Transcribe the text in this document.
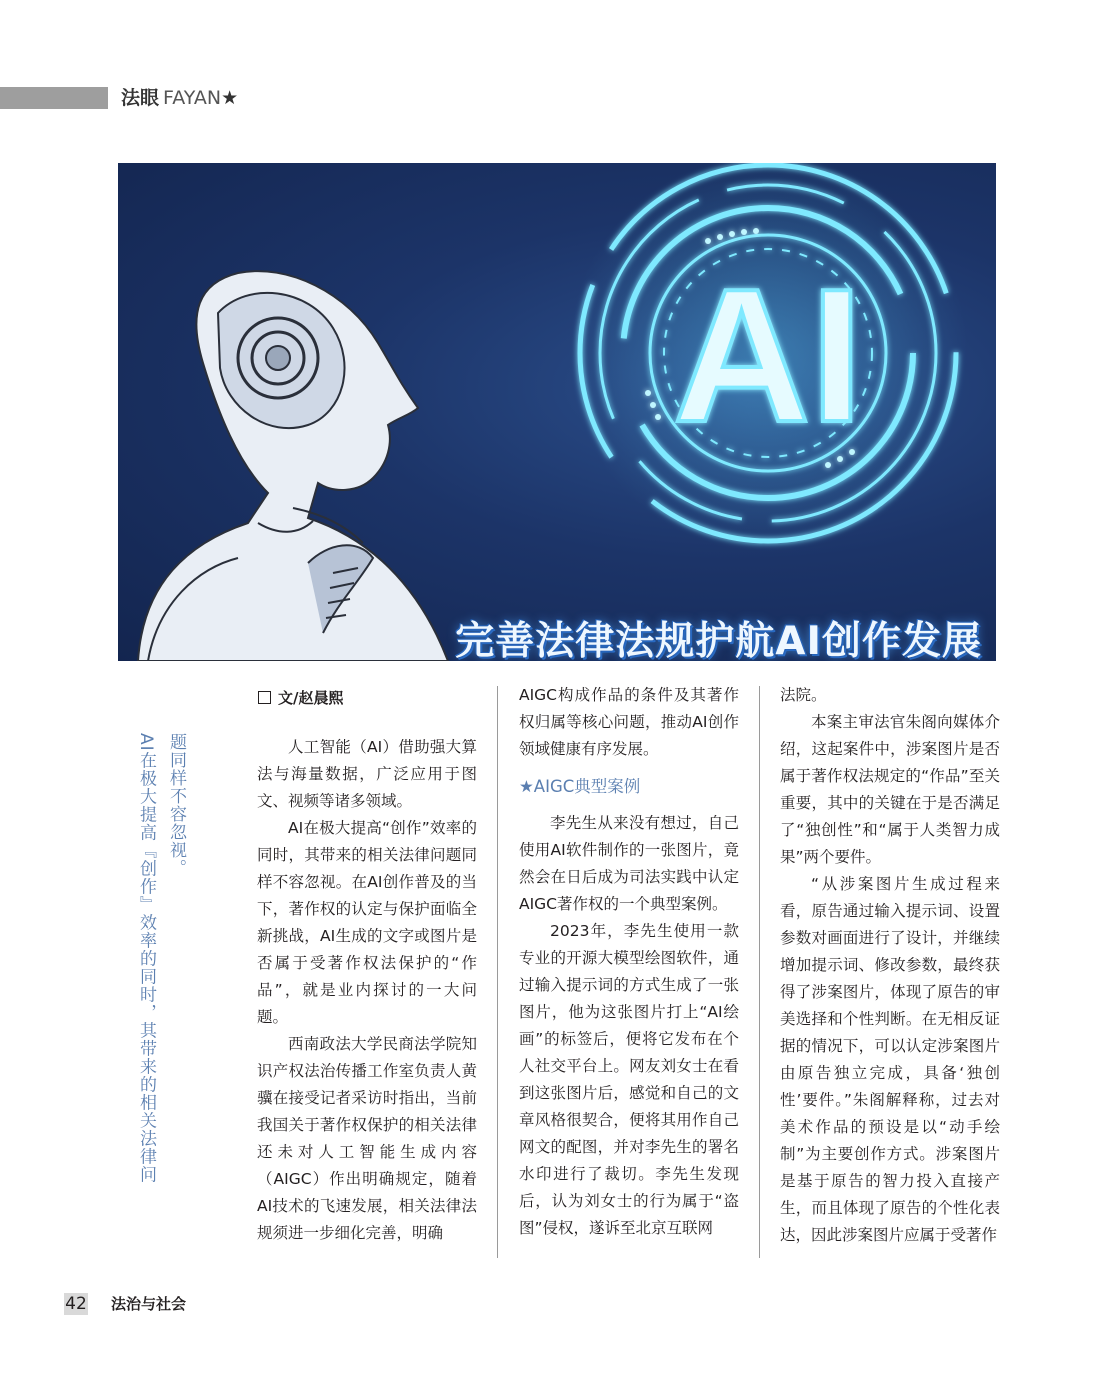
法眼 FAYAN★
AI
完善法律法规护航AI创作发展
题同样不容忽视。
AI在极大提高『创作』效率的同时，其带来的相关法律问
文/赵晨熙

人工智能（AI）借助强大算法与海量数据，广泛应用于图文、视频等诸多领域。

AI在极大提高“创作”效率的同时，其带来的相关法律问题同样不容忽视。在AI创作普及的当下，著作权的认定与保护面临全新挑战，AI生成的文字或图片是否属于受著作权法保护的“作品”，就是业内探讨的一大问题。

西南政法大学民商法学院知识产权法治传播工作室负责人黄骥在接受记者采访时指出，当前我国关于著作权保护的相关法律还未对人工智能生成内容（AIGC）作出明确规定，随着AI技术的飞速发展，相关法律法规须进一步细化完善，明确

AIGC构成作品的条件及其著作权归属等核心问题，推动AI创作领域健康有序发展。

★AIGC典型案例

李先生从来没有想过，自己使用AI软件制作的一张图片，竟然会在日后成为司法实践中认定AIGC著作权的一个典型案例。

2023年，李先生使用一款专业的开源大模型绘图软件，通过输入提示词的方式生成了一张图片，他为这张图片打上“AI绘画”的标签后，便将它发布在个人社交平台上。网友刘女士在看到这张图片后，感觉和自己的文章风格很契合，便将其用作自己网文的配图，并对李先生的署名水印进行了裁切。李先生发现后，认为刘女士的行为属于“盗图”侵权，遂诉至北京互联网

法院。

本案主审法官朱阁向媒体介绍，这起案件中，涉案图片是否属于著作权法规定的“作品”至关重要，其中的关键在于是否满足了“独创性”和“属于人类智力成果”两个要件。

“从涉案图片生成过程来看，原告通过输入提示词、设置参数对画面进行了设计，并继续增加提示词、修改参数，最终获得了涉案图片，体现了原告的审美选择和个性判断。在无相反证据的情况下，可以认定涉案图片由原告独立完成，具备‘独创性’要件。”朱阁解释称，过去对美术作品的预设是以“动手绘制”为主要创作方式。涉案图片是基于原告的智力投入直接产生，而且体现了原告的个性化表达，因此涉案图片应属于受著作

42 法治与社会
